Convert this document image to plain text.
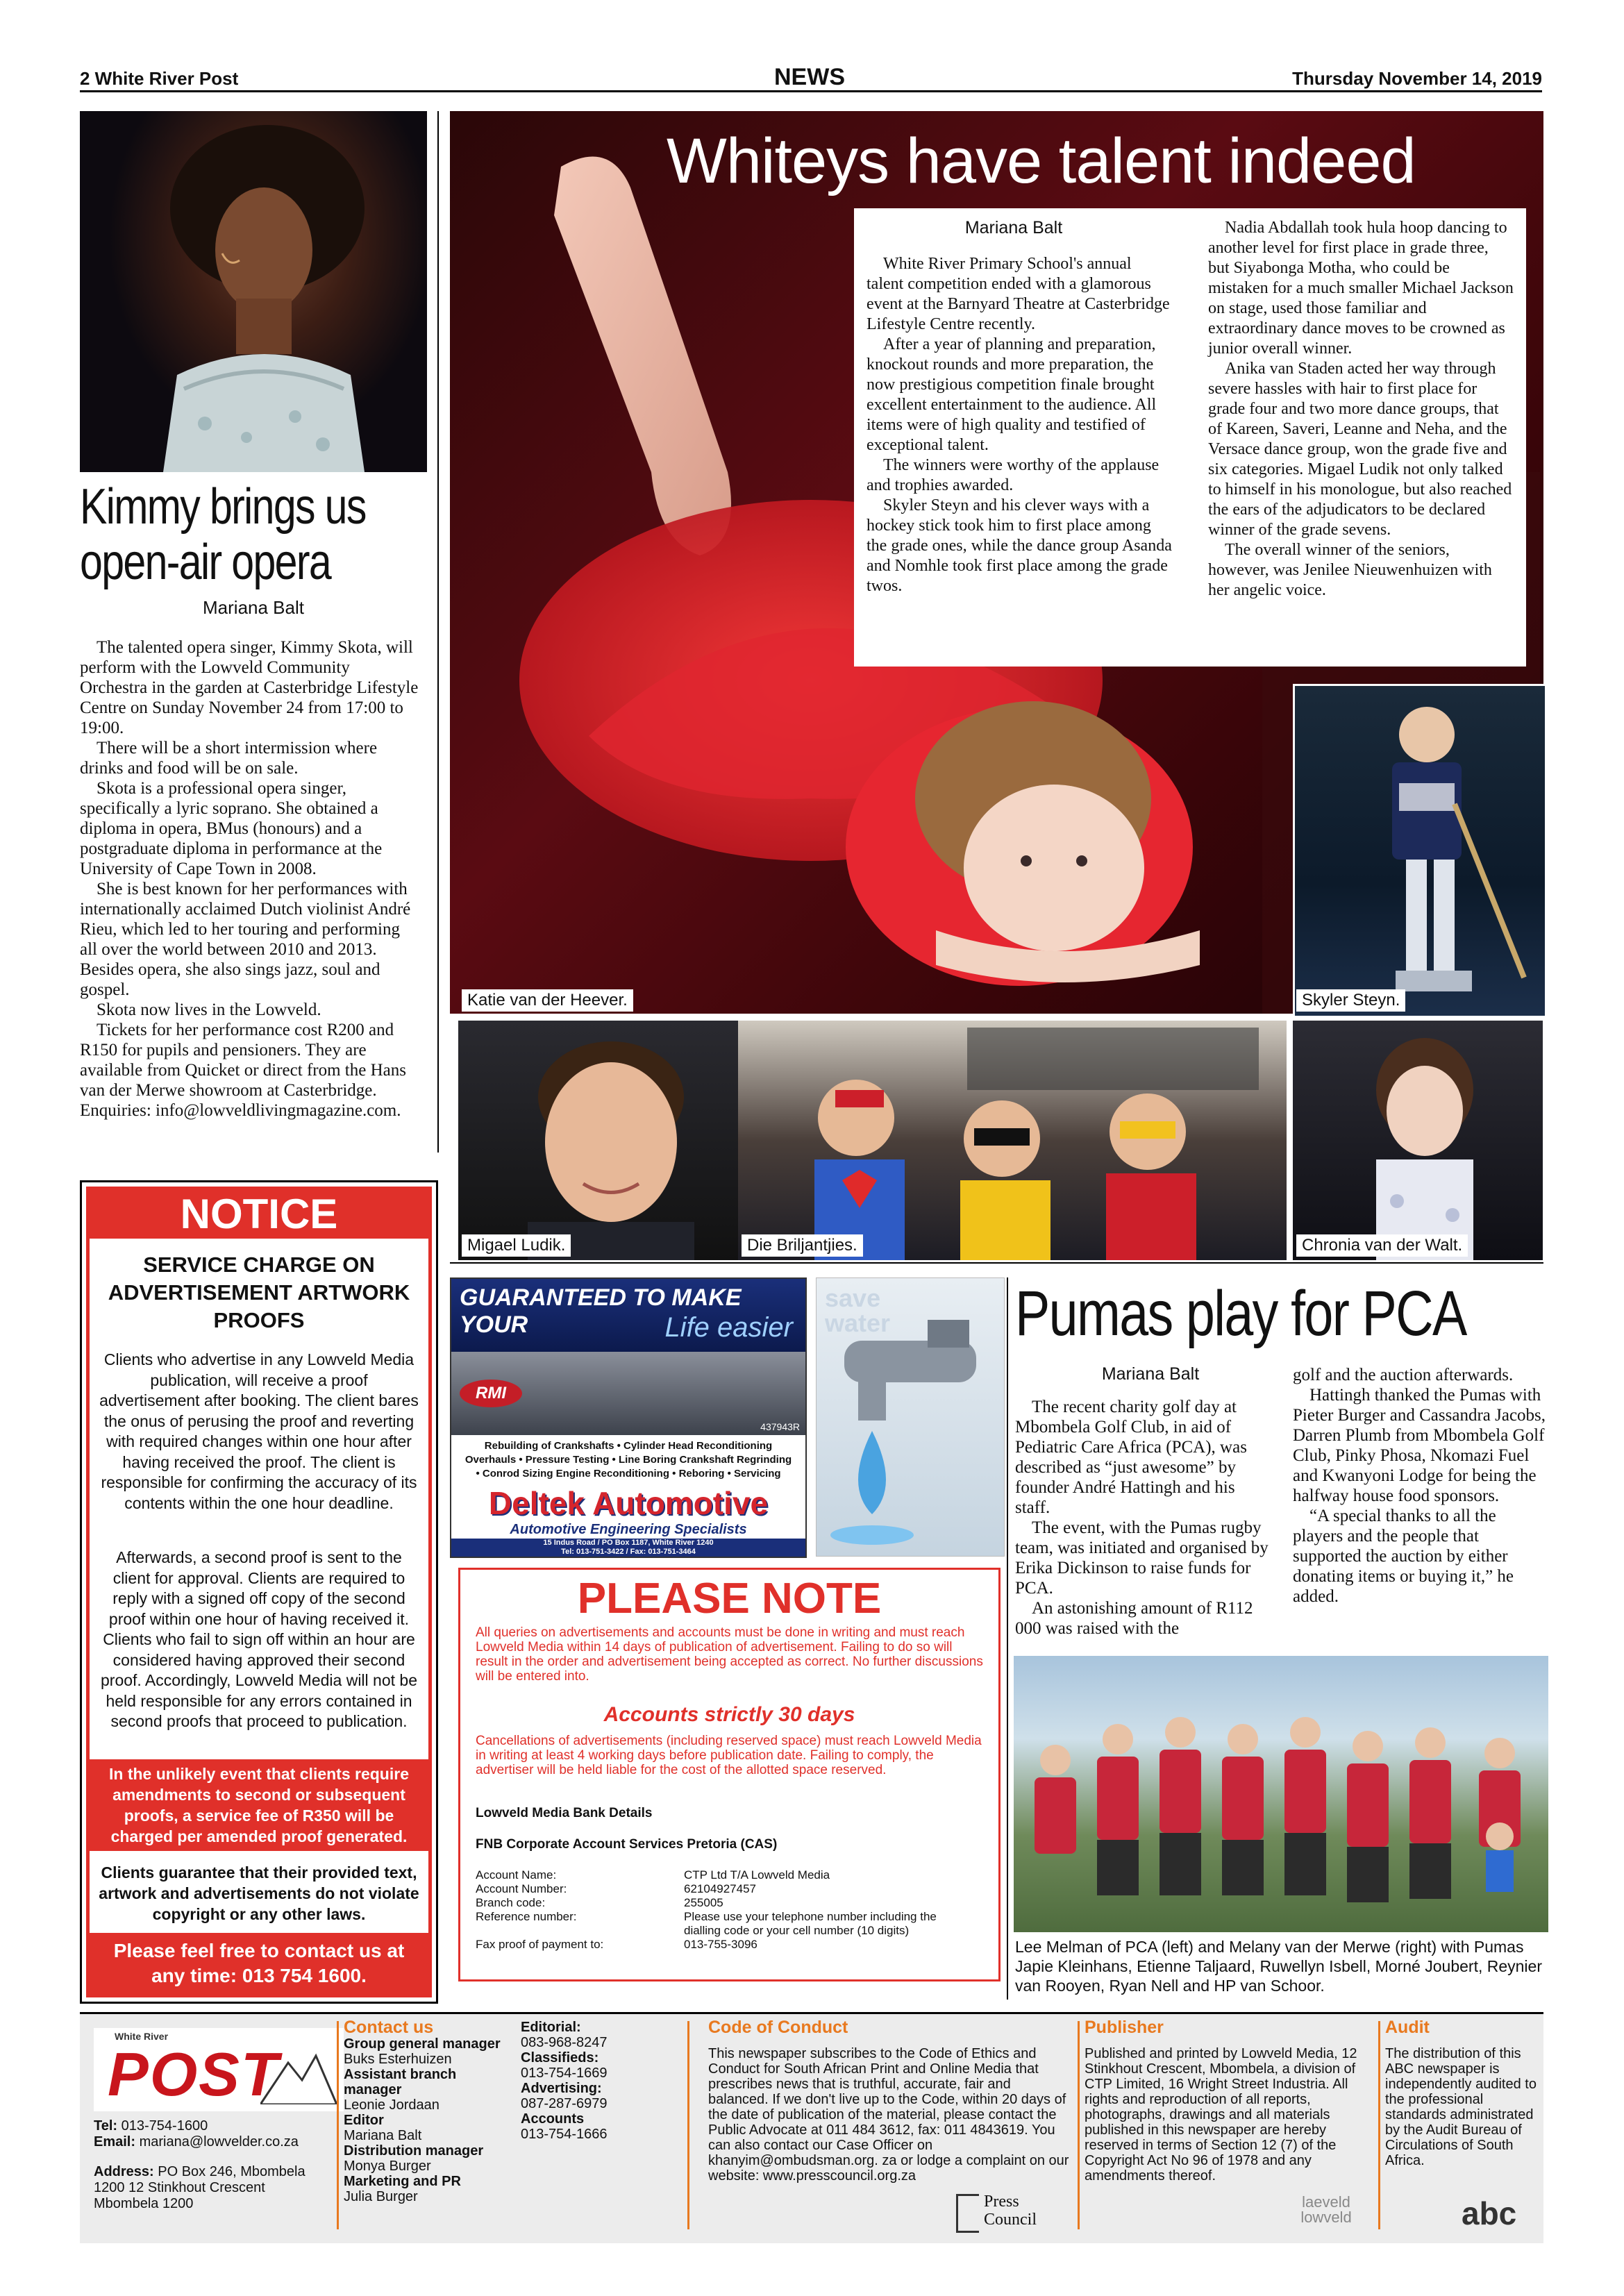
2 White River Post	NEWS	Thursday November 14, 2019
Kimmy brings us open-air opera
Mariana Balt

The talented opera singer, Kimmy Skota, will perform with the Lowveld Community Orchestra in the garden at Casterbridge Lifestyle Centre on Sunday November 24 from 17:00 to 19:00.

There will be a short intermission where drinks and food will be on sale.

Skota is a professional opera singer, specifically a lyric soprano. She obtained a diploma in opera, BMus (honours) and a postgraduate diploma in performance at the University of Cape Town in 2008.

She is best known for her performances with internationally acclaimed Dutch violinist André Rieu, which led to her touring and performing all over the world between 2010 and 2013. Besides opera, she also sings jazz, soul and gospel.

Skota now lives in the Lowveld.

Tickets for her performance cost R200 and R150 for pupils and pensioners. They are available from Quicket or direct from the Hans van der Merwe showroom at Casterbridge. Enquiries: info@lowveldlivingmagazine.com.

NOTICE
SERVICE CHARGE ON ADVERTISEMENT ARTWORK PROOFS
Clients who advertise in any Lowveld Media publication, will receive a proof advertisement after booking. The client bares the onus of perusing the proof and reverting with required changes within one hour after having received the proof. The client is responsible for confirming the accuracy of its contents within the one hour deadline.
Afterwards, a second proof is sent to the client for approval. Clients are required to reply with a signed off copy of the second proof within one hour of having received it. Clients who fail to sign off within an hour are considered having approved their second proof. Accordingly, Lowveld Media will not be held responsible for any errors contained in second proofs that proceed to publication.
In the unlikely event that clients require amendments to second or subsequent proofs, a service fee of R350 will be charged per amended proof generated.
Clients guarantee that their provided text, artwork and advertisements do not violate copyright or any other laws.
Please feel free to contact us at any time: 013 754 1600.
Whiteys have talent indeed
Mariana Balt

White River Primary School's annual talent competition ended with a glamorous event at the Barnyard Theatre at Casterbridge Lifestyle Centre recently.

After a year of planning and preparation, knockout rounds and more preparation, the now prestigious competition finale brought excellent entertainment to the audience. All items were of high quality and testified of exceptional talent.

The winners were worthy of the applause and trophies awarded.

Skyler Steyn and his clever ways with a hockey stick took him to first place among the grade ones, while the dance group Asanda and Nomhle took first place among the grade twos.

Nadia Abdallah took hula hoop dancing to another level for first place in grade three, but Siyabonga Motha, who could be mistaken for a much smaller Michael Jackson on stage, used those familiar and extraordinary dance moves to be crowned as junior overall winner.

Anika van Staden acted her way through severe hassles with hair to first place for grade four and two more dance groups, that of Kareen, Saveri, Leanne and Neha, and the Versace dance group, won the grade five and six categories. Migael Ludik not only talked to himself in his monologue, but also reached the ears of the adjudicators to be declared winner of the grade sevens.

The overall winner of the seniors, however, was Jenilee Nieuwenhuizen with her angelic voice.

Katie van der Heever.	Skyler Steyn.
Migael Ludik.	Die Briljantjies.	Chronia van der Walt.
GUARANTEED TO MAKE YOUR	Life easier
RMI
437943R
Rebuilding of Crankshafts • Cylinder Head Reconditioning
Overhauls • Pressure Testing • Line Boring Crankshaft Regrinding
• Conrod Sizing Engine Reconditioning • Reboring • Servicing
Deltek Automotive
Automotive Engineering Specialists
15 Indus Road / PO Box 1187, White River 1240
Tel: 013-751-3422 / Fax: 013-751-3464
save
water
PLEASE NOTE
All queries on advertisements and accounts must be done in writing and must reach Lowveld Media within 14 days of publication of advertisement. Failing to do so will result in the order and advertisement being accepted as correct. No further discussions will be entered into.
Accounts strictly 30 days
Cancellations of advertisements (including reserved space) must reach Lowveld Media in writing at least 4 working days before publication date. Failing to comply, the advertiser will be held liable for the cost of the allotted space reserved.
Lowveld Media Bank Details
FNB Corporate Account Services Pretoria (CAS)
Account Name:	CTP Ltd T/A Lowveld Media
Account Number:	62104927457
Branch code:	255005
Reference number:	Please use your telephone number including the dialling code or your cell number (10 digits)
Fax proof of payment to:	013-755-3096
Pumas play for PCA
Mariana Balt

The recent charity golf day at Mbombela Golf Club, in aid of Pediatric Care Africa (PCA), was described as “just awesome” by founder André Hattingh and his staff.

The event, with the Pumas rugby team, was initiated and organised by Erika Dickinson to raise funds for PCA.

An astonishing amount of R112 000 was raised with the

golf and the auction afterwards.

Hattingh thanked the Pumas with Pieter Burger and Cassandra Jacobs, Darren Plumb from Mbombela Golf Club, Pinky Phosa, Nkomazi Fuel and Kwanyoni Lodge for being the halfway house food sponsors.

“A special thanks to all the players and the people that supported the auction by either donating items or buying it,” he added.

Lee Melman of PCA (left) and Melany van der Merwe (right) with Pumas Japie Kleinhans, Etienne Taljaard, Ruwellyn Isbell, Morné Joubert, Reynier van Rooyen, Ryan Nell and HP van Schoor.
White River
POST
Tel: 013-754-1600
Email: mariana@lowvelder.co.za
Address: PO Box 246, Mbombela 1200 12 Stinkhout Crescent Mbombela 1200
Contact us
Group general manager
Buks Esterhuizen
Assistant branch manager
Leonie Jordaan
Editor
Mariana Balt
Distribution manager
Monya Burger
Marketing and PR
Julia Burger
Editorial:
083-968-8247
Classifieds:
013-754-1669
Advertising:
087-287-6979
Accounts
013-754-1666
Code of Conduct
This newspaper subscribes to the Code of Ethics and Conduct for South African Print and Online Media that prescribes news that is truthful, accurate, fair and balanced. If we don't live up to the Code, within 20 days of the date of publication of the material, please contact the Public Advocate at 011 484 3612, fax: 011 4843619. You can also contact our Case Officer on khanyim@ombudsman.org. za or lodge a complaint on our website: www.presscouncil.org.za
Press Council
Publisher
Published and printed by Lowveld Media, 12 Stinkhout Crescent, Mbombela, a division of CTP Limited, 16 Wright Street Industria. All rights and reproduction of all reports, photographs, drawings and all materials published in this newspaper are hereby reserved in terms of Section 12 (7) of the Copyright Act No 96 of 1978 and any amendments thereof.
laeveld lowveld
Audit
The distribution of this ABC newspaper is independently audited to the professional standards administrated by the Audit Bureau of Circulations of South Africa.
abc
